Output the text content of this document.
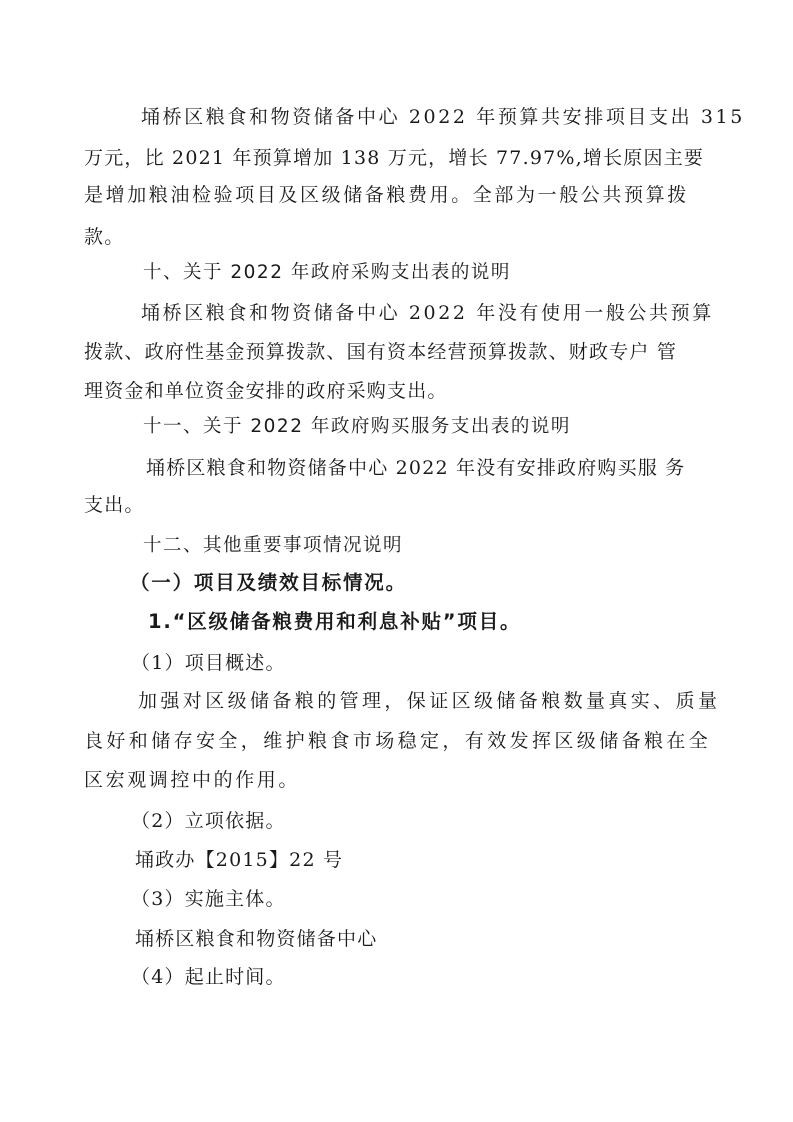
埇桥区粮食和物资储备中心 2022 年预算共安排项目支出 315
万元，比 2021 年预算增加 138 万元，增长 77.97%,增长原因主要
是增加粮油检验项目及区级储备粮费用。全部为一般公共预算拨
款。
十、关于 2022 年政府采购支出表的说明
埇桥区粮食和物资储备中心 2022 年没有使用一般公共预算
拨款、政府性基金预算拨款、国有资本经营预算拨款、财政专户 管
理资金和单位资金安排的政府采购支出。
十一、关于 2022 年政府购买服务支出表的说明
埇桥区粮食和物资储备中心 2022 年没有安排政府购买服 务
支出。
十二、其他重要事项情况说明
（一）项目及绩效目标情况。
1.“区级储备粮费用和利息补贴”项目。
（1）项目概述。
加强对区级储备粮的管理，保证区级储备粮数量真实、质量
良好和储存安全，维护粮食市场稳定，有效发挥区级储备粮在全
区宏观调控中的作用。
（2）立项依据。
埇政办【2015】22 号
（3）实施主体。
埇桥区粮食和物资储备中心
（4）起止时间。
